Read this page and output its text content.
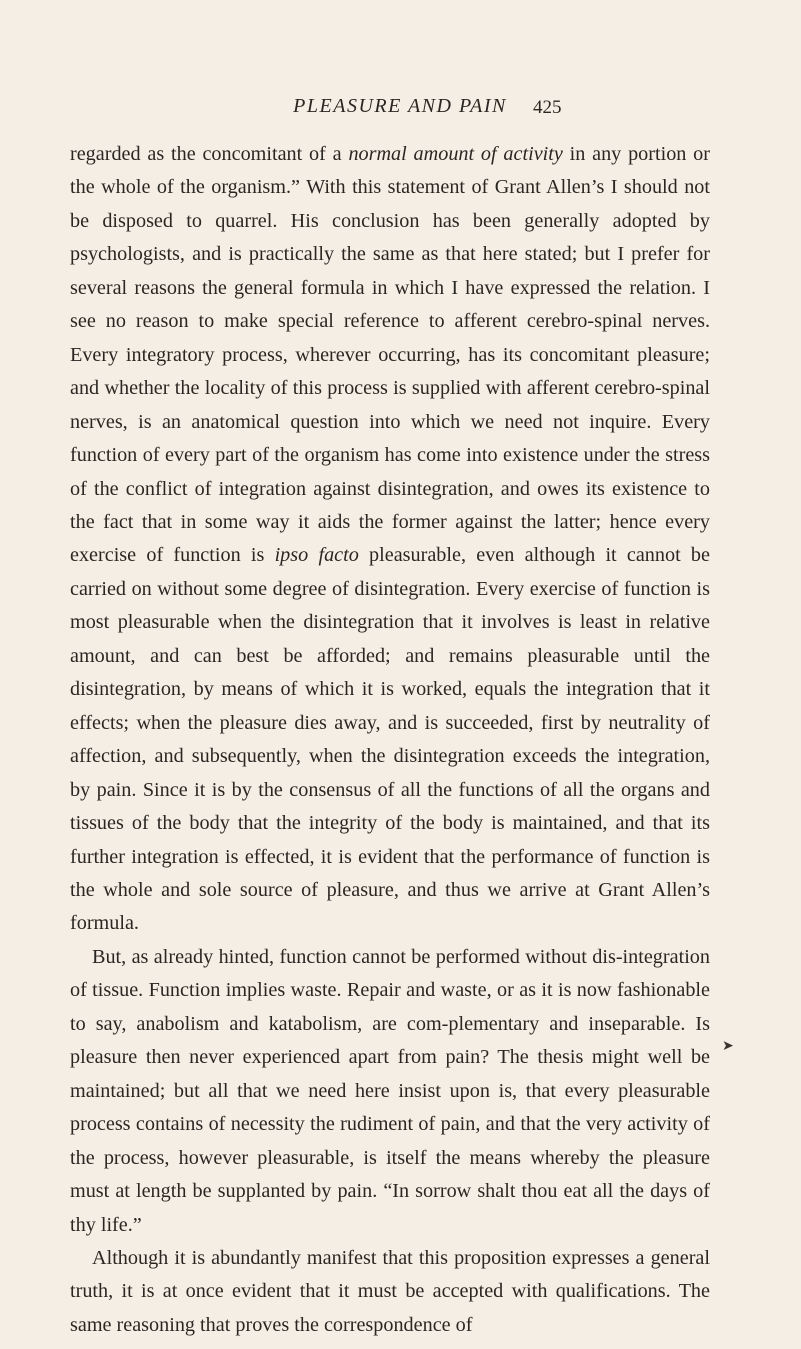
PLEASURE AND PAIN	425

regarded as the concomitant of a normal amount of activity in any portion or the whole of the organism.” With this statement of Grant Allen’s I should not be disposed to quarrel. His conclusion has been generally adopted by psychologists, and is practically the same as that here stated; but I prefer for several reasons the general formula in which I have expressed the relation. I see no reason to make special reference to afferent cerebro-spinal nerves. Every integratory process, wherever occurring, has its concomitant pleasure; and whether the locality of this process is supplied with afferent cerebro-spinal nerves, is an anatomical question into which we need not inquire. Every function of every part of the organism has come into existence under the stress of the conflict of integration against disintegration, and owes its existence to the fact that in some way it aids the former against the latter; hence every exercise of function is ipso facto pleasurable, even although it cannot be carried on without some degree of disintegration. Every exercise of function is most pleasurable when the disintegration that it involves is least in relative amount, and can best be afforded; and remains pleasurable until the disintegration, by means of which it is worked, equals the integration that it effects; when the pleasure dies away, and is succeeded, first by neutrality of affection, and subsequently, when the disintegration exceeds the integration, by pain. Since it is by the consensus of all the functions of all the organs and tissues of the body that the integrity of the body is maintained, and that its further integration is effected, it is evident that the performance of function is the whole and sole source of pleasure, and thus we arrive at Grant Allen’s formula.

But, as already hinted, function cannot be performed without dis-integration of tissue. Function implies waste. Repair and waste, or as it is now fashionable to say, anabolism and katabolism, are com-plementary and inseparable. Is pleasure then never experienced apart from pain? The thesis might well be maintained; but all that we need here insist upon is, that every pleasurable process contains of necessity the rudiment of pain, and that the very activity of the process, however pleasurable, is itself the means whereby the pleasure must at length be supplanted by pain. “In sorrow shalt thou eat all the days of thy life.”

Although it is abundantly manifest that this proposition expresses a general truth, it is at once evident that it must be accepted with qualifications. The same reasoning that proves the correspondence of

➤
